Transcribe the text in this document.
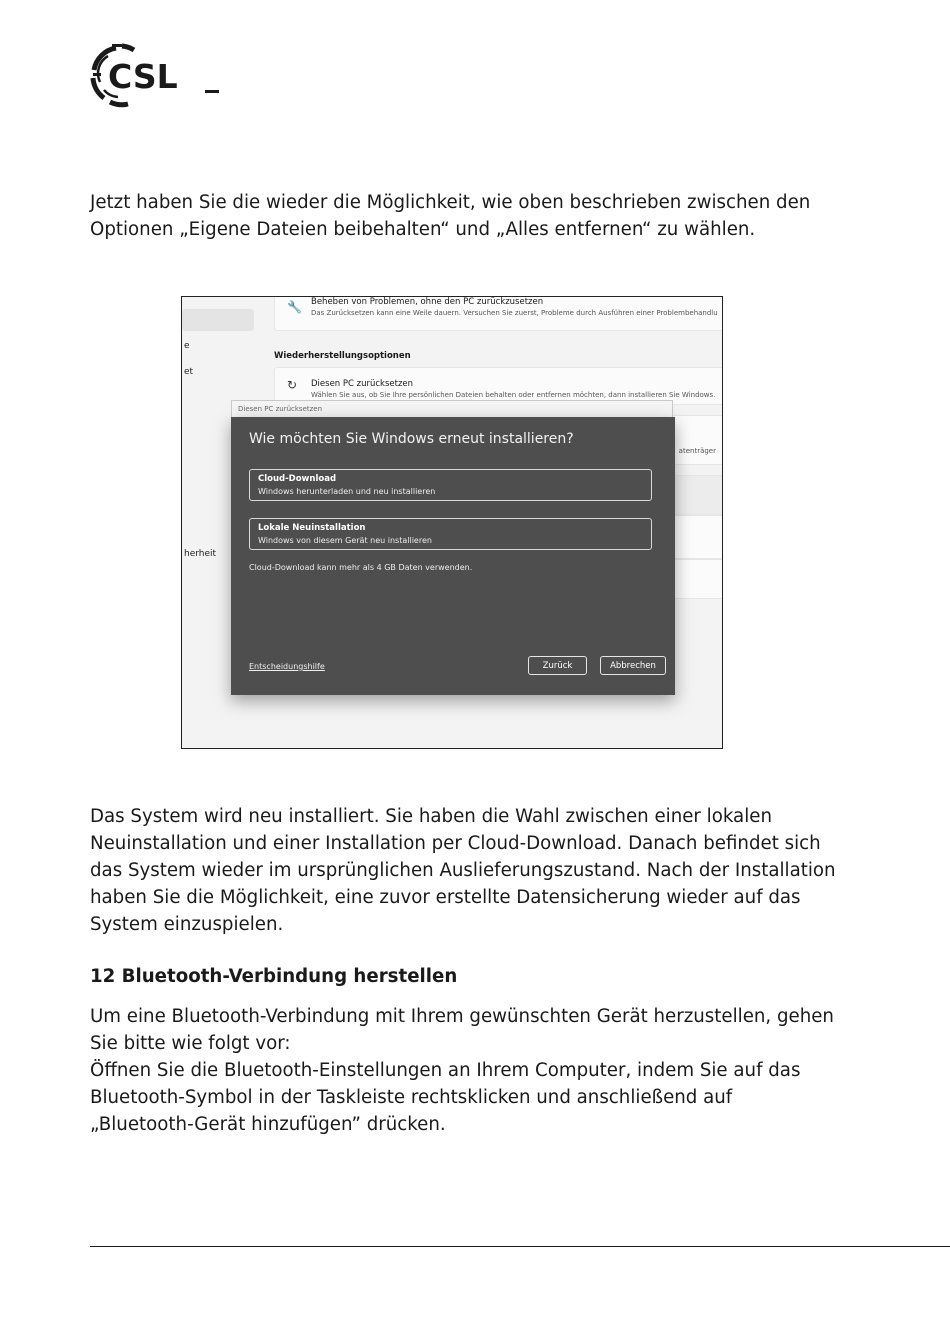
CSL
Jetzt haben Sie die wieder die Möglichkeit, wie oben beschrieben zwischen den
Optionen „Eigene Dateien beibehalten“ und „Alles entfernen“ zu wählen.
e
et
herheit
🔧 Beheben von Problemen, ohne den PC zurückzusetzen
Das Zurücksetzen kann eine Weile dauern. Versuchen Sie zuerst, Probleme durch Ausführen einer Problembehandlu
Wiederherstellungsoptionen
↻ Diesen PC zurücksetzen
Wählen Sie aus, ob Sie Ihre persönlichen Dateien behalten oder entfernen möchten, dann installieren Sie Windows.
atenträger
Diesen PC zurücksetzen
Wie möchten Sie Windows erneut installieren?
Cloud-Download
Windows herunterladen und neu installieren
Lokale Neuinstallation
Windows von diesem Gerät neu installieren
Cloud-Download kann mehr als 4 GB Daten verwenden.
Entscheidungshilfe	Zurück	Abbrechen
Das System wird neu installiert. Sie haben die Wahl zwischen einer lokalen
Neuinstallation und einer Installation per Cloud-Download. Danach befindet sich
das System wieder im ursprünglichen Auslieferungszustand. Nach der Installation
haben Sie die Möglichkeit, eine zuvor erstellte Datensicherung wieder auf das
System einzuspielen.
12 Bluetooth-Verbindung herstellen
Um eine Bluetooth-Verbindung mit Ihrem gewünschten Gerät herzustellen, gehen
Sie bitte wie folgt vor:
Öffnen Sie die Bluetooth-Einstellungen an Ihrem Computer, indem Sie auf das
Bluetooth-Symbol in der Taskleiste rechtsklicken und anschließend auf
„Bluetooth-Gerät hinzufügen” drücken.
